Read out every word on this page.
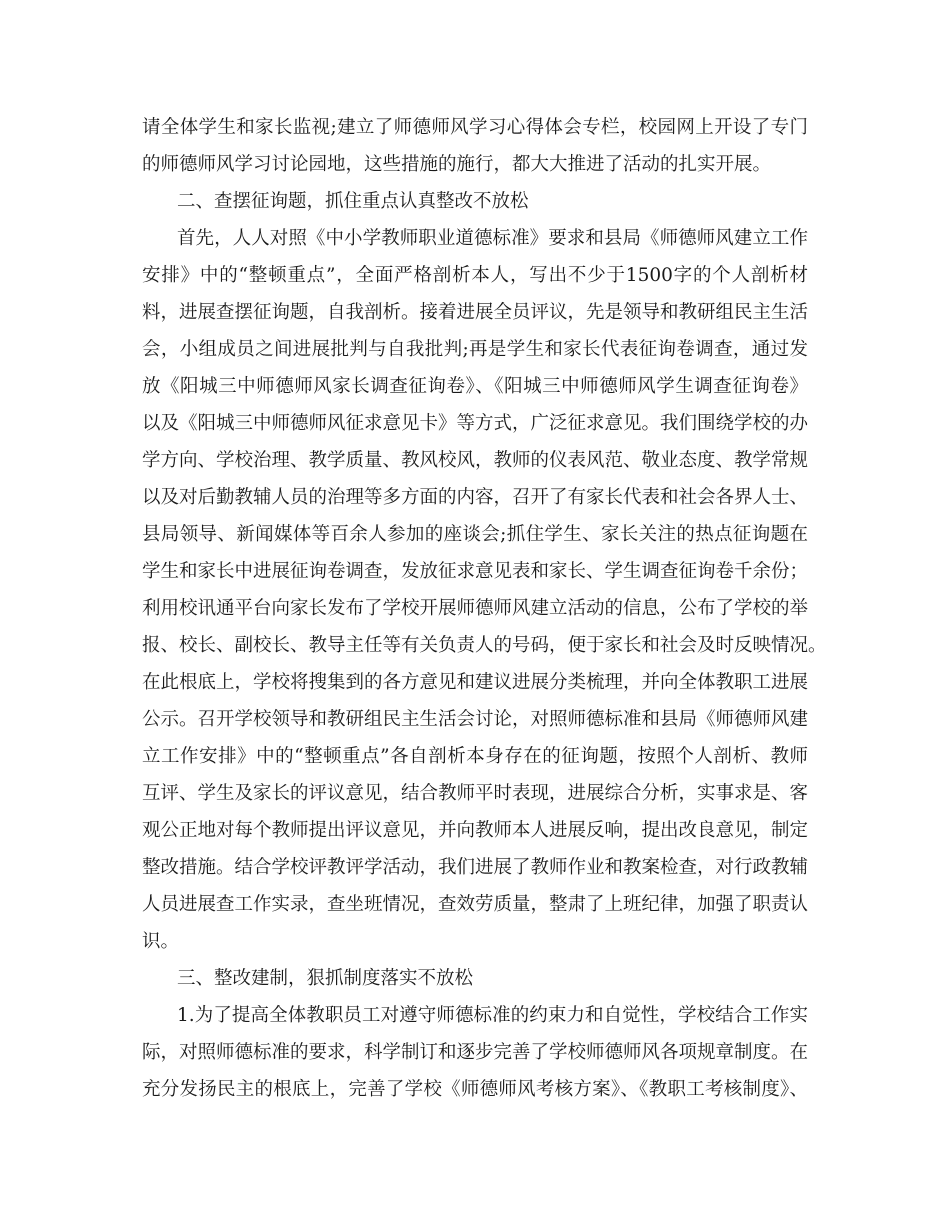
请全体学生和家长监视;建立了师德师风学习心得体会专栏，校园网上开设了专门
的师德师风学习讨论园地，这些措施的施行，都大大推进了活动的扎实开展。
二、查摆征询题，抓住重点认真整改不放松
首先，人人对照《中小学教师职业道德标准》要求和县局《师德师风建立工作
安排》中的“整顿重点”，全面严格剖析本人，写出不少于1500字的个人剖析材
料，进展查摆征询题，自我剖析。接着进展全员评议，先是领导和教研组民主生活
会，小组成员之间进展批判与自我批判;再是学生和家长代表征询卷调查，通过发
放《阳城三中师德师风家长调查征询卷》、《阳城三中师德师风学生调查征询卷》
以及《阳城三中师德师风征求意见卡》等方式，广泛征求意见。我们围绕学校的办
学方向、学校治理、教学质量、教风校风，教师的仪表风范、敬业态度、教学常规
以及对后勤教辅人员的治理等多方面的内容，召开了有家长代表和社会各界人士、
县局领导、新闻媒体等百余人参加的座谈会;抓住学生、家长关注的热点征询题在
学生和家长中进展征询卷调查，发放征求意见表和家长、学生调查征询卷千余份；
利用校讯通平台向家长发布了学校开展师德师风建立活动的信息，公布了学校的举
报、校长、副校长、教导主任等有关负责人的号码，便于家长和社会及时反映情况。
在此根底上，学校将搜集到的各方意见和建议进展分类梳理，并向全体教职工进展
公示。召开学校领导和教研组民主生活会讨论，对照师德标准和县局《师德师风建
立工作安排》中的“整顿重点”各自剖析本身存在的征询题，按照个人剖析、教师
互评、学生及家长的评议意见，结合教师平时表现，进展综合分析，实事求是、客
观公正地对每个教师提出评议意见，并向教师本人进展反响，提出改良意见，制定
整改措施。结合学校评教评学活动，我们进展了教师作业和教案检查，对行政教辅
人员进展查工作实录，查坐班情况，查效劳质量，整肃了上班纪律，加强了职责认
识。
三、整改建制，狠抓制度落实不放松
1.为了提高全体教职员工对遵守师德标准的约束力和自觉性，学校结合工作实
际，对照师德标准的要求，科学制订和逐步完善了学校师德师风各项规章制度。在
充分发扬民主的根底上，完善了学校《师德师风考核方案》、《教职工考核制度》、
